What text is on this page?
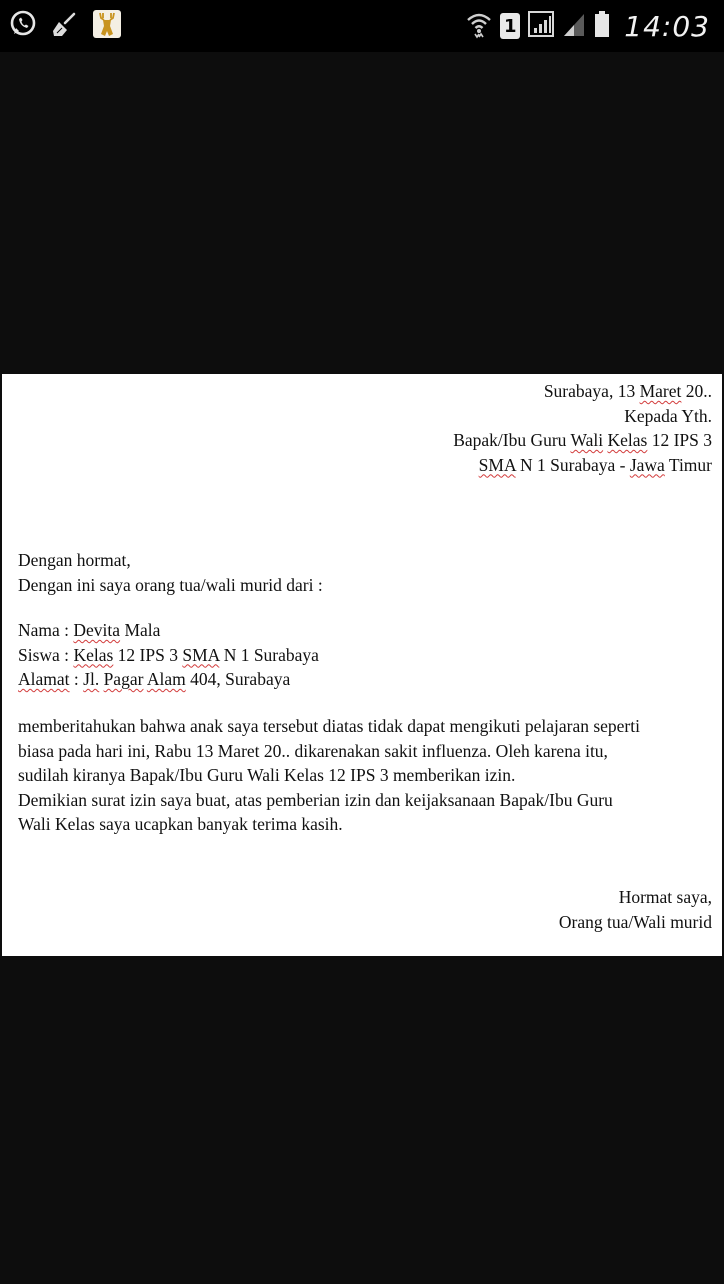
1	14:03
Surabaya, 13 Maret 20..
Kepada Yth.
Bapak/Ibu Guru Wali Kelas 12 IPS 3
SMA N 1 Surabaya - Jawa Timur
Dengan hormat,
Dengan ini saya orang tua/wali murid dari :
Nama : Devita Mala
Siswa : Kelas 12 IPS 3 SMA N 1 Surabaya
Alamat : Jl. Pagar Alam 404, Surabaya
memberitahukan bahwa anak saya tersebut diatas tidak dapat mengikuti pelajaran seperti
biasa pada hari ini, Rabu 13 Maret 20.. dikarenakan sakit influenza. Oleh karena itu,
sudilah kiranya Bapak/Ibu Guru Wali Kelas 12 IPS 3 memberikan izin.
Demikian surat izin saya buat, atas pemberian izin dan keijaksanaan Bapak/Ibu Guru
Wali Kelas saya ucapkan banyak terima kasih.
Hormat saya,
Orang tua/Wali murid
